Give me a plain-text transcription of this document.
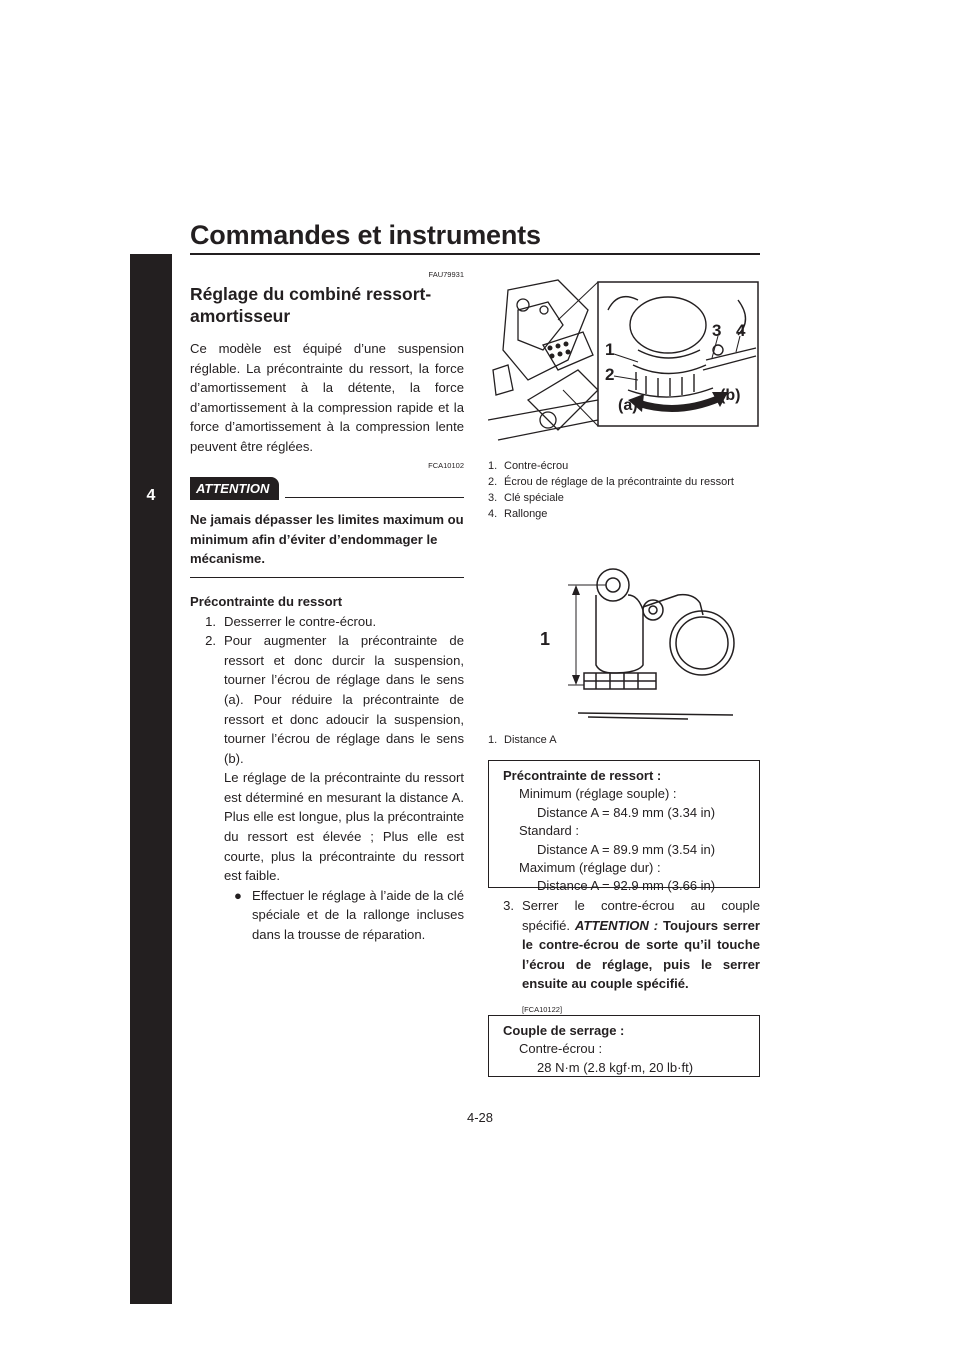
Commandes et instruments
4
FAU79931
Réglage du combiné ressort-amortisseur
Ce modèle est équipé d’une suspension réglable. La précontrainte du ressort, la force d’amortissement à la détente, la force d’amortissement à la compression rapide et la force d’amortissement à la compression lente peuvent être réglées.
FCA10102
ATTENTION
Ne jamais dépasser les limites maximum ou minimum afin d’éviter d’endommager le mécanisme.
Précontrainte du ressort
1. Desserrer le contre-écrou.
2. Pour augmenter la précontrainte de ressort et donc durcir la suspension, tourner l’écrou de réglage dans le sens (a). Pour réduire la précontrainte de ressort et donc adoucir la suspension, tourner l’écrou de réglage dans le sens (b).
Le réglage de la précontrainte du ressort est déterminé en mesurant la distance A. Plus elle est longue, plus la précontrainte du ressort est élevée ; Plus elle est courte, plus la précontrainte du ressort est faible.
● Effectuer le réglage à l’aide de la clé spéciale et de la rallonge incluses dans la trousse de réparation.
1
2
3 4
(a)
(b)
1. Contre-écrou
2. Écrou de réglage de la précontrainte du ressort
3. Clé spéciale
4. Rallonge
1
1. Distance A
Précontrainte de ressort :
Minimum (réglage souple) :
Distance A = 84.9 mm (3.34 in)
Standard :
Distance A = 89.9 mm (3.54 in)
Maximum (réglage dur) :
Distance A = 92.9 mm (3.66 in)
3. Serrer le contre-écrou au couple spécifié. ATTENTION : Toujours serrer le contre-écrou de sorte qu’il touche l’écrou de réglage, puis le serrer ensuite au couple spécifié.
[FCA10122]
Couple de serrage :
Contre-écrou :
28 N·m (2.8 kgf·m, 20 lb·ft)
4-28
